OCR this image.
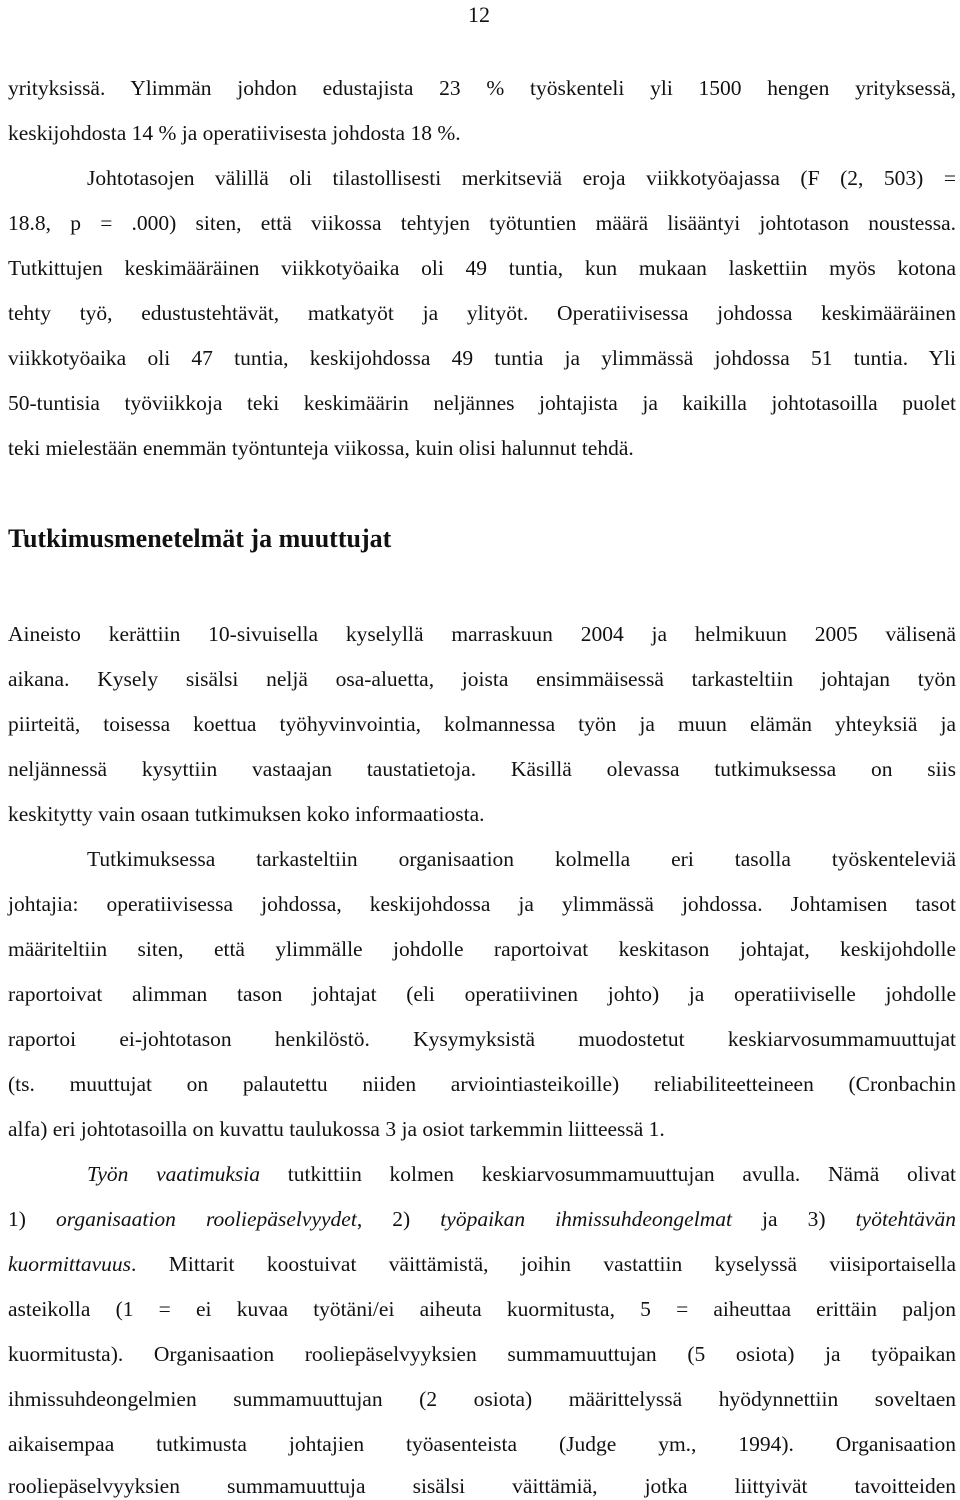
12
yrityksissä. Ylimmän johdon edustajista 23 % työskenteli yli 1500 hengen yrityksessä,
keskijohdosta 14 % ja operatiivisesta johdosta 18 %.
Johtotasojen välillä oli tilastollisesti merkitseviä eroja viikkotyöajassa (F (2, 503) =
18.8, p = .000) siten, että viikossa tehtyjen työtuntien määrä lisääntyi johtotason noustessa.
Tutkittujen keskimääräinen viikkotyöaika oli 49 tuntia, kun mukaan laskettiin myös kotona
tehty työ, edustustehtävät, matkatyöt ja ylityöt. Operatiivisessa johdossa keskimääräinen
viikkotyöaika oli 47 tuntia, keskijohdossa 49 tuntia ja ylimmässä johdossa 51 tuntia. Yli
50-tuntisia työviikkoja teki keskimäärin neljännes johtajista ja kaikilla johtotasoilla puolet
teki mielestään enemmän työntunteja viikossa, kuin olisi halunnut tehdä.
Tutkimusmenetelmät ja muuttujat
Aineisto kerättiin 10-sivuisella kyselyllä marraskuun 2004 ja helmikuun 2005 välisenä
aikana. Kysely sisälsi neljä osa-aluetta, joista ensimmäisessä tarkasteltiin johtajan työn
piirteitä, toisessa koettua työhyvinvointia, kolmannessa työn ja muun elämän yhteyksiä ja
neljännessä kysyttiin vastaajan taustatietoja. Käsillä olevassa tutkimuksessa on siis
keskitytty vain osaan tutkimuksen koko informaatiosta.
Tutkimuksessa tarkasteltiin organisaation kolmella eri tasolla työskenteleviä
johtajia: operatiivisessa johdossa, keskijohdossa ja ylimmässä johdossa. Johtamisen tasot
määriteltiin siten, että ylimmälle johdolle raportoivat keskitason johtajat, keskijohdolle
raportoivat alimman tason johtajat (eli operatiivinen johto) ja operatiiviselle johdolle
raportoi ei-johtotason henkilöstö. Kysymyksistä muodostetut keskiarvosummamuuttujat
(ts. muuttujat on palautettu niiden arviointiasteikoille) reliabiliteetteineen (Cronbachin
alfa) eri johtotasoilla on kuvattu taulukossa 3 ja osiot tarkemmin liitteessä 1.
Työn vaatimuksia tutkittiin kolmen keskiarvosummamuuttujan avulla. Nämä olivat
1) organisaation rooliepäselvyydet, 2) työpaikan ihmissuhdeongelmat ja 3) työtehtävän
kuormittavuus. Mittarit koostuivat väittämistä, joihin vastattiin kyselyssä viisiportaisella
asteikolla (1 = ei kuvaa työtäni/ei aiheuta kuormitusta, 5 = aiheuttaa erittäin paljon
kuormitusta). Organisaation rooliepäselvyyksien summamuuttujan (5 osiota) ja työpaikan
ihmissuhdeongelmien summamuuttujan (2 osiota) määrittelyssä hyödynnettiin soveltaen
aikaisempaa tutkimusta johtajien työasenteista (Judge ym., 1994). Organisaation
rooliepäselvyyksien summamuuttuja sisälsi väittämiä, jotka liittyivät tavoitteiden
